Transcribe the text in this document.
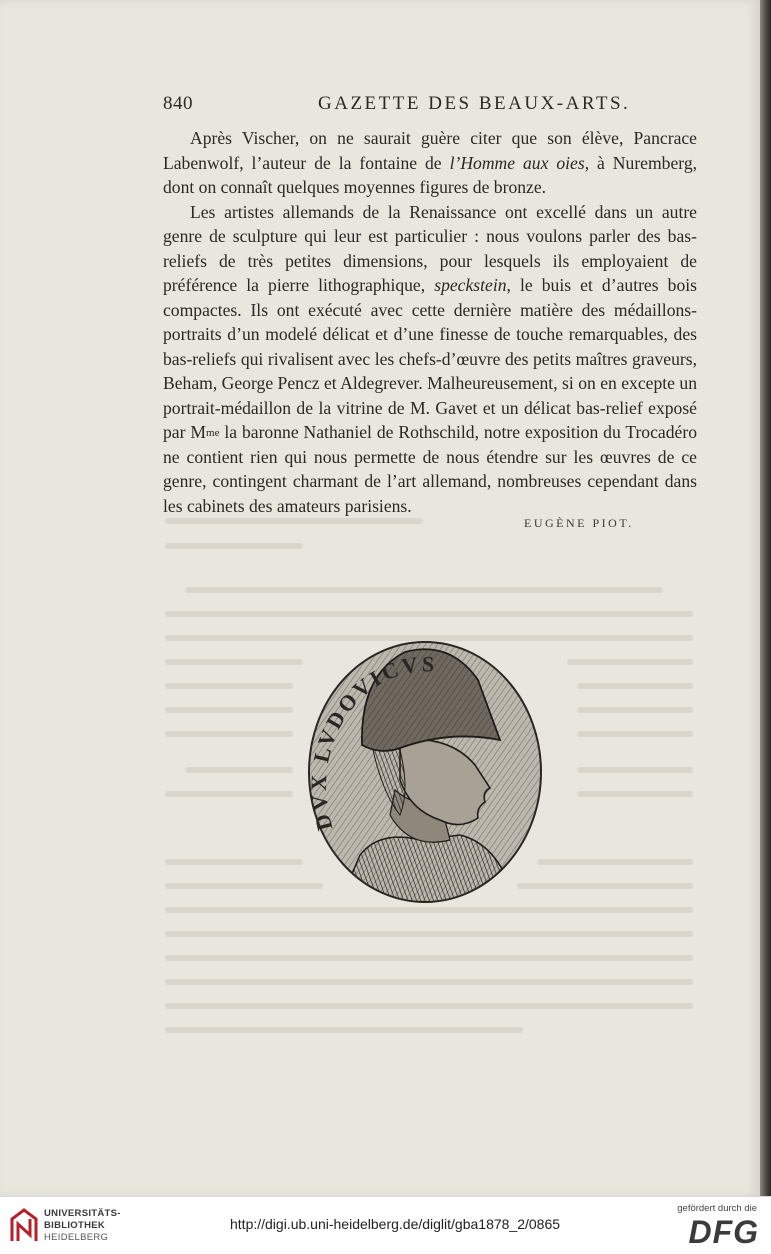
840	GAZETTE DES BEAUX-ARTS.

Après Vischer, on ne saurait guère citer que son élève, Pancrace Labenwolf, l’auteur de la fontaine de l’Homme aux oies, à Nuremberg, dont on connaît quelques moyennes figures de bronze.

Les artistes allemands de la Renaissance ont excellé dans un autre genre de sculpture qui leur est particulier : nous voulons parler des bas-reliefs de très petites dimensions, pour lesquels ils employaient de préférence la pierre lithographique, speckstein, le buis et d’autres bois compactes. Ils ont exécuté avec cette dernière matière des médaillons-portraits d’un modelé délicat et d’une finesse de touche remarquables, des bas-reliefs qui rivalisent avec les chefs-d’œuvre des petits maîtres graveurs, Beham, George Pencz et Aldegrever. Malheureusement, si on en excepte un portrait-médaillon de la vitrine de M. Gavet et un délicat bas-relief exposé par $M^{me}$ la baronne Nathaniel de Rothschild, notre exposition du Trocadéro ne contient rien qui nous permette de nous étendre sur les œuvres de ce genre, contingent charmant de l’art allemand, nombreuses cependant dans les cabinets des amateurs parisiens.

EUGÈNE PIOT.
DVX LVDOVICVS
UNIVERSITÄTS-
BIBLIOTHEK
HEIDELBERG
http://digi.ub.uni-heidelberg.de/diglit/gba1878_2/0865
gefördert durch die
DFG
